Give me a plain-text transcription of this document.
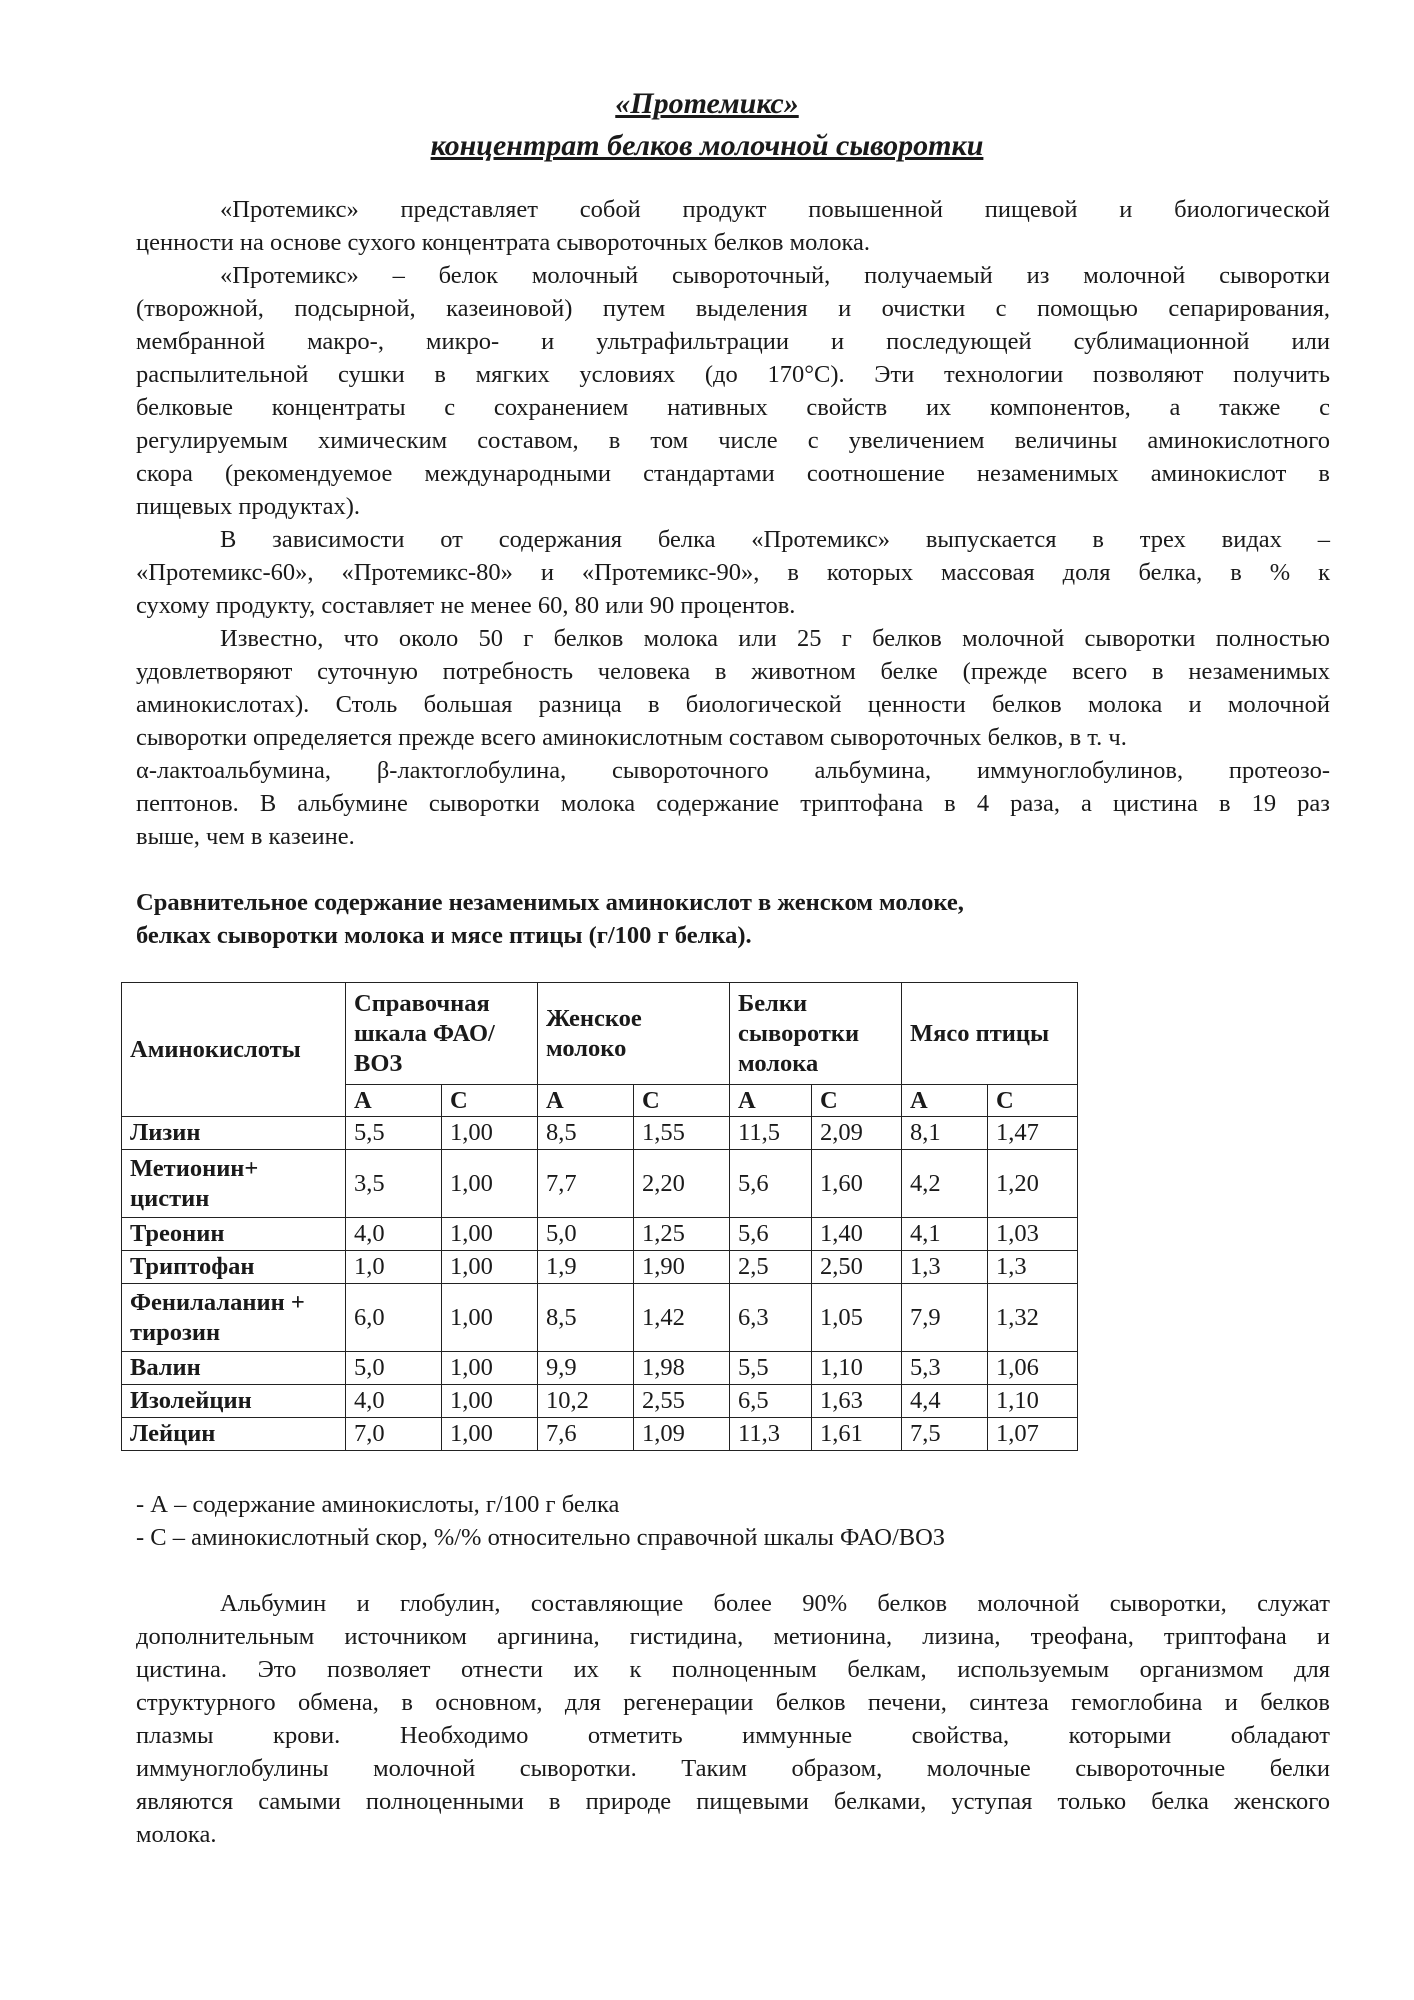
«Протемикс»

концентрат белков молочной сыворотки

«Протемикс» представляет собой продукт повышенной пищевой и биологической
ценности на основе сухого концентрата сывороточных белков молока.
«Протемикс» – белок молочный сывороточный, получаемый из молочной сыворотки
(творожной, подсырной, казеиновой) путем выделения и очистки с помощью сепарирования,
мембранной макро-, микро- и ультрафильтрации и последующей сублимационной или
распылительной сушки в мягких условиях (до 170°С). Эти технологии позволяют получить
белковые концентраты с сохранением нативных свойств их компонентов, а также с
регулируемым химическим составом, в том числе с увеличением величины аминокислотного
скора (рекомендуемое международными стандартами соотношение незаменимых аминокислот в
пищевых продуктах).
В зависимости от содержания белка «Протемикс» выпускается в трех видах –
«Протемикс-60», «Протемикс-80» и «Протемикс-90», в которых массовая доля белка, в % к
сухому продукту, составляет не менее 60, 80 или 90 процентов.
Известно, что около 50 г белков молока или 25 г белков молочной сыворотки полностью
удовлетворяют суточную потребность человека в животном белке (прежде всего в незаменимых
аминокислотах). Столь большая разница в биологической ценности белков молока и молочной
сыворотки определяется прежде всего аминокислотным составом сывороточных белков, в т. ч.
α-лактоальбумина, β-лактоглобулина, сывороточного альбумина, иммуноглобулинов, протеозо-
пептонов. В альбумине сыворотки молока содержание триптофана в 4 раза, а цистина в 19 раз
выше, чем в казеине.

Сравнительное содержание незаменимых аминокислот в женском молоке,

белках сыворотки молока и мясе птицы (г/100 г белка).

Аминокислоты	Справочная шкала ФАО/ВОЗ		Женское молоко		Белки сыворотки молока		Мясо птицы	
	А	С	А	С	А	С	А	С
Лизин	5,5	1,00	8,5	1,55	11,5	2,09	8,1	1,47
Метионин+ цистин	3,5	1,00	7,7	2,20	5,6	1,60	4,2	1,20
Треонин	4,0	1,00	5,0	1,25	5,6	1,40	4,1	1,03
Триптофан	1,0	1,00	1,9	1,90	2,5	2,50	1,3	1,3
Фенилаланин + тирозин	6,0	1,00	8,5	1,42	6,3	1,05	7,9	1,32
Валин	5,0	1,00	9,9	1,98	5,5	1,10	5,3	1,06
Изолейцин	4,0	1,00	10,2	2,55	6,5	1,63	4,4	1,10
Лейцин	7,0	1,00	7,6	1,09	11,3	1,61	7,5	1,07

- А – содержание аминокислоты, г/100 г белка

- С – аминокислотный скор, %/% относительно справочной шкалы ФАО/ВОЗ

Альбумин и глобулин, составляющие более 90% белков молочной сыворотки, служат
дополнительным источником аргинина, гистидина, метионина, лизина, треофана, триптофана и
цистина. Это позволяет отнести их к полноценным белкам, используемым организмом для
структурного обмена, в основном, для регенерации белков печени, синтеза гемоглобина и белков
плазмы крови. Необходимо отметить иммунные свойства, которыми обладают
иммуноглобулины молочной сыворотки. Таким образом, молочные сывороточные белки
являются самыми полноценными в природе пищевыми белками, уступая только белка женского
молока.
